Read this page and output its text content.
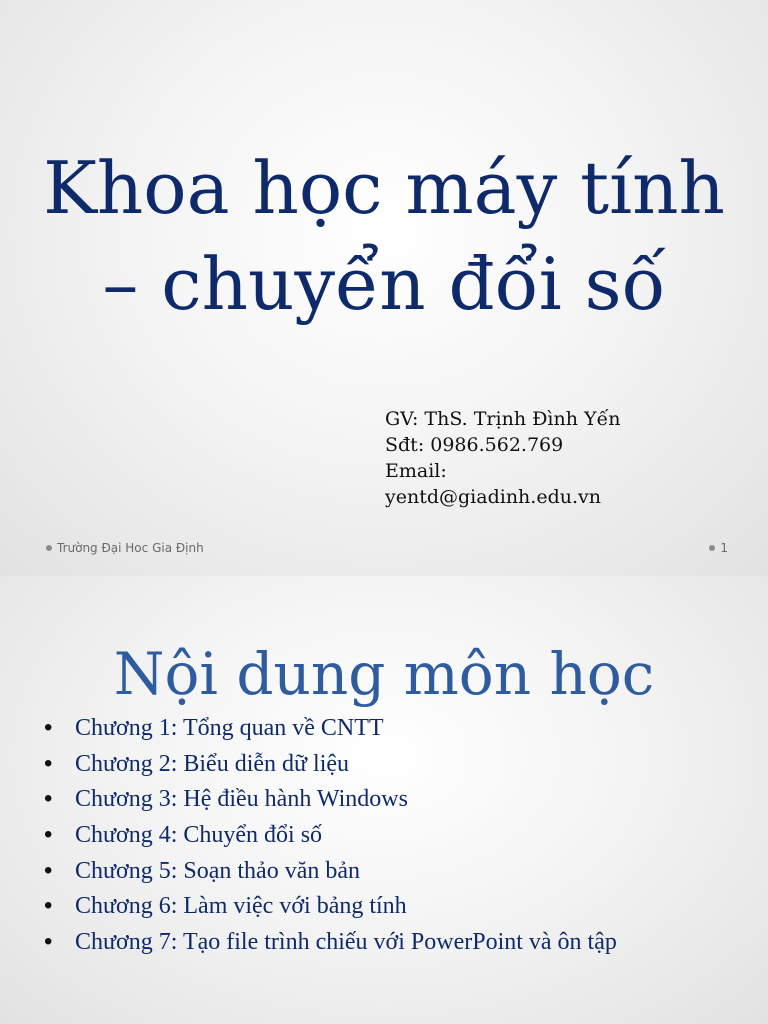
Khoa học máy tính
– chuyển đổi số
GV: ThS. Trịnh Đình Yến
Sđt: 0986.562.769
Email:
yentd@giadinh.edu.vn
Trường Đại Hoc Gia Định	1
Nội dung môn học
• Chương 1: Tổng quan về CNTT
• Chương 2: Biểu diễn dữ liệu
• Chương 3: Hệ điều hành Windows
• Chương 4: Chuyển đổi số
• Chương 5: Soạn thảo văn bản
• Chương 6: Làm việc với bảng tính
• Chương 7: Tạo file trình chiếu với PowerPoint và ôn tập
